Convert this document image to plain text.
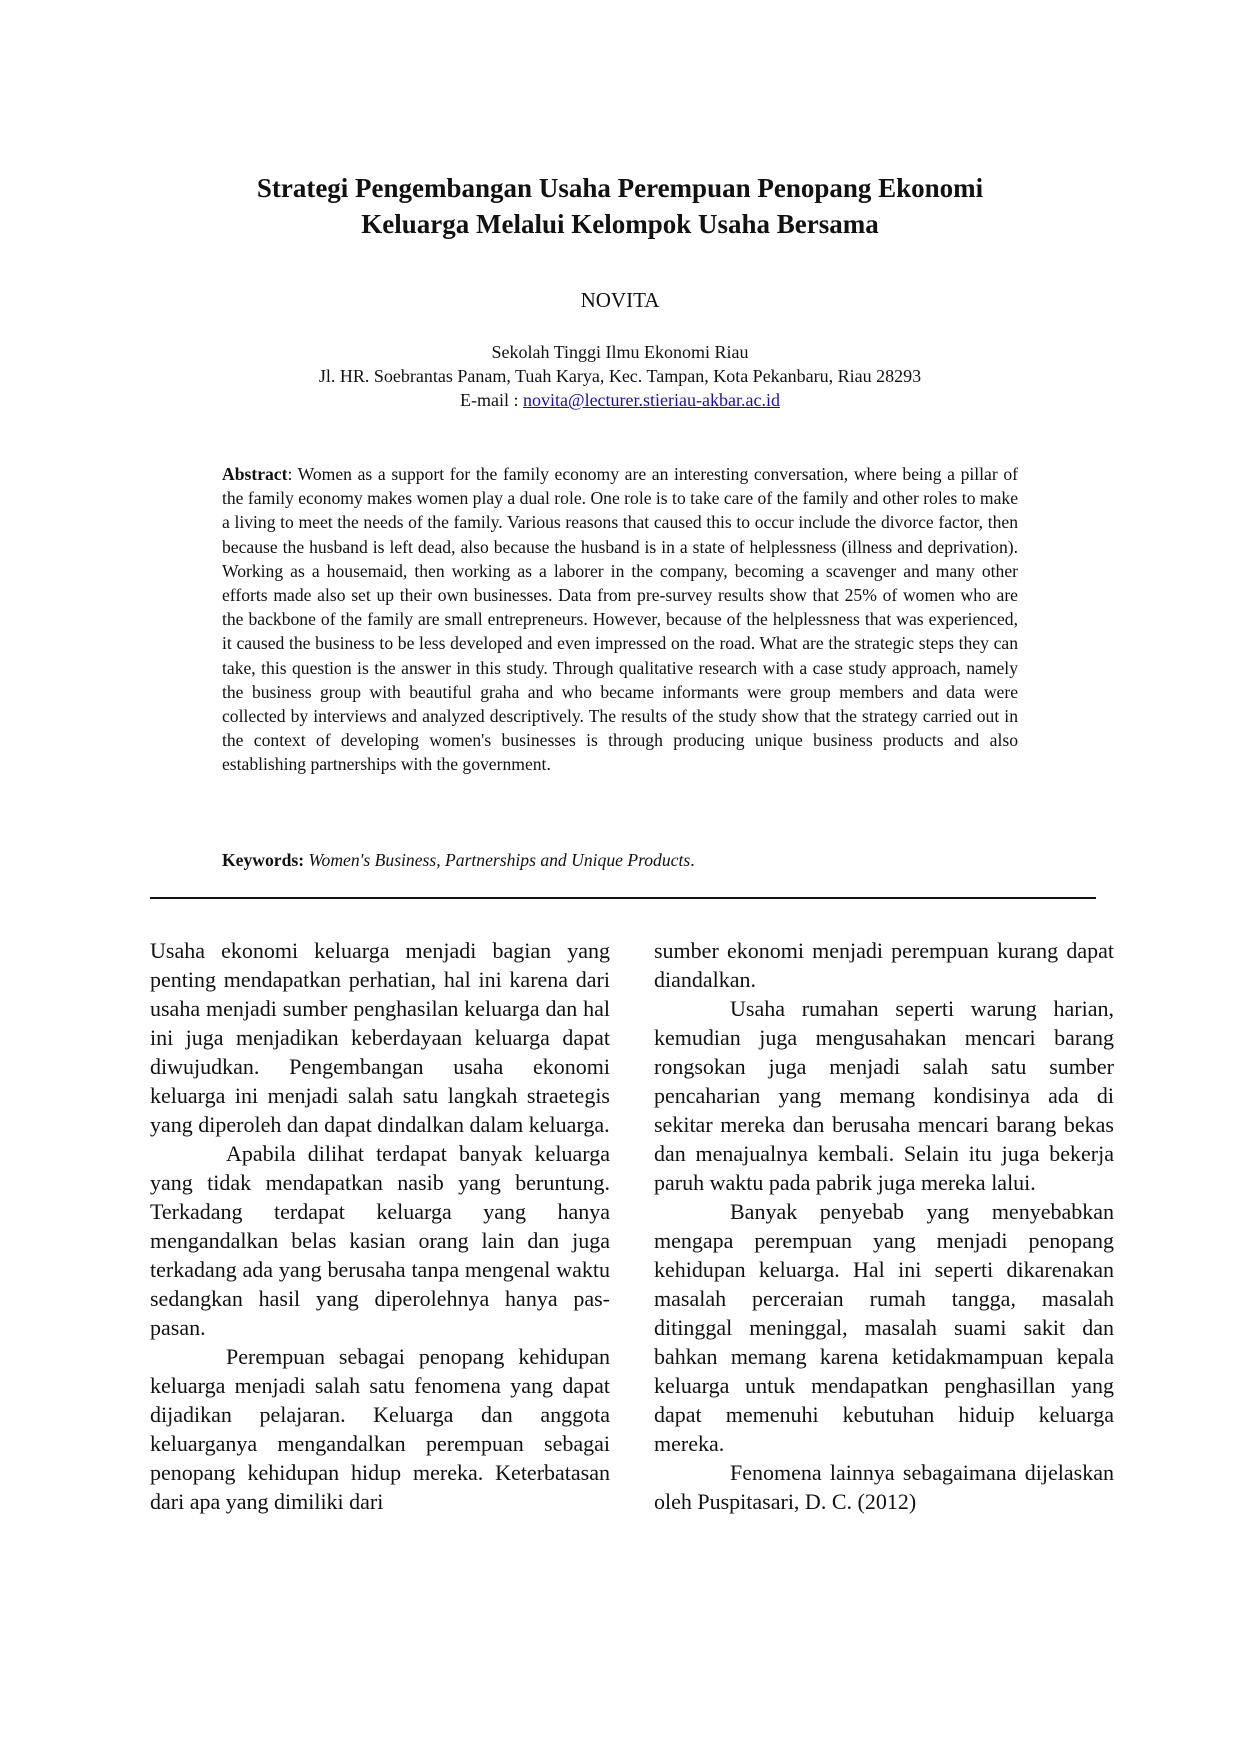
Strategi Pengembangan Usaha Perempuan Penopang Ekonomi
Keluarga Melalui Kelompok Usaha Bersama
NOVITA
Sekolah Tinggi Ilmu Ekonomi Riau
Jl. HR. Soebrantas Panam, Tuah Karya, Kec. Tampan, Kota Pekanbaru, Riau 28293
E-mail : novita@lecturer.stieriau-akbar.ac.id

Abstract: Women as a support for the family economy are an interesting conversation, where being a pillar of the family economy makes women play a dual role. One role is to take care of the family and other roles to make a living to meet the needs of the family. Various reasons that caused this to occur include the divorce factor, then because the husband is left dead, also because the husband is in a state of helplessness (illness and deprivation). Working as a housemaid, then working as a laborer in the company, becoming a scavenger and many other efforts made also set up their own businesses. Data from pre-survey results show that 25% of women who are the backbone of the family are small entrepreneurs. However, because of the helplessness that was experienced, it caused the business to be less developed and even impressed on the road. What are the strategic steps they can take, this question is the answer in this study. Through qualitative research with a case study approach, namely the business group with beautiful graha and who became informants were group members and data were collected by interviews and analyzed descriptively. The results of the study show that the strategy carried out in the context of developing women's businesses is through producing unique business products and also establishing partnerships with the government.

Keywords: Women's Business, Partnerships and Unique Products.

Usaha ekonomi keluarga menjadi bagian yang penting mendapatkan perhatian, hal ini karena dari usaha menjadi sumber penghasilan keluarga dan hal ini juga menjadikan keberdayaan keluarga dapat diwujudkan. Pengembangan usaha ekonomi keluarga ini menjadi salah satu langkah straetegis yang diperoleh dan dapat dindalkan dalam keluarga.

Apabila dilihat terdapat banyak keluarga yang tidak mendapatkan nasib yang beruntung. Terkadang terdapat keluarga yang hanya mengandalkan belas kasian orang lain dan juga terkadang ada yang berusaha tanpa mengenal waktu sedangkan hasil yang diperolehnya hanya pas-pasan.

Perempuan sebagai penopang kehidupan keluarga menjadi salah satu fenomena yang dapat dijadikan pelajaran. Keluarga dan anggota keluarganya mengandalkan perempuan sebagai penopang kehidupan hidup mereka. Keterbatasan dari apa yang dimiliki dari

sumber ekonomi menjadi perempuan kurang dapat diandalkan.

Usaha rumahan seperti warung harian, kemudian juga mengusahakan mencari barang rongsokan juga menjadi salah satu sumber pencaharian yang memang kondisinya ada di sekitar mereka dan berusaha mencari barang bekas dan menajualnya kembali. Selain itu juga bekerja paruh waktu pada pabrik juga mereka lalui.

Banyak penyebab yang menyebabkan mengapa perempuan yang menjadi penopang kehidupan keluarga. Hal ini seperti dikarenakan masalah perceraian rumah tangga, masalah ditinggal meninggal, masalah suami sakit dan bahkan memang karena ketidakmampuan kepala keluarga untuk mendapatkan penghasillan yang dapat memenuhi kebutuhan hiduip keluarga mereka.

Fenomena lainnya sebagaimana dijelaskan oleh Puspitasari, D. C. (2012)
